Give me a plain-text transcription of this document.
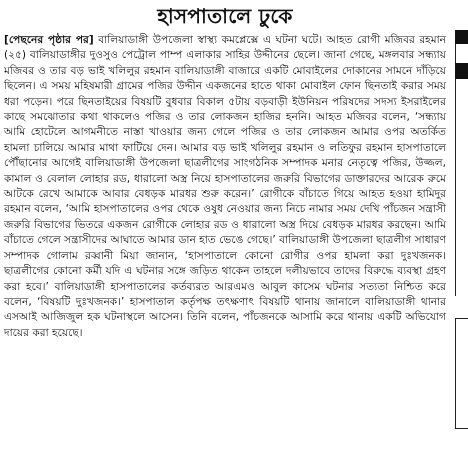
হাসপাতালে ঢুকে

[পেছনের পৃষ্ঠার পর] বালিয়াডাঙ্গী উপজেলা স্বাস্থ্য কমপ্লেক্সে এ ঘটনা ঘটে। আহত রোগী মজিবর রহমান (২৫) বালিয়াডাঙ্গীর দুওসুও পেট্রোল পাম্প এলাকার সাহির উদ্দীনের ছেলে। জানা গেছে, মঙ্গলবার সন্ধ্যায় মজিবর ও তার বড় ভাই খলিলুর রহমান বালিয়াডাঙ্গী বাজারে একটি মোবাইলের দোকানের সামনে দাঁড়িয়ে ছিলেন। এ সময় মহিষমারী গ্রামের পজির উদ্দীন একজনের হাতে থাকা মোবাইল ফোন ছিনতাই করার সময় ধরা পড়েন। পরে ছিনতাইয়ের বিষয়টি বুধবার বিকাল ৫টায় বড়বাড়ী ইউনিয়ন পরিষদের সদস্য ইসরাইলের কাছে সমঝোতার কথা থাকলেও পজির ও তার লোকজন হাজির হননি। আহত মজিবর বলেন, ‘সন্ধ্যায় আমি হোটেলে আগমনীতে নাস্তা খাওয়ার জন্য গেলে পজির ও তার লোকজন আমার ওপর অতর্কিত হামলা চালিয়ে আমার মাথা ফাটিয়ে দেন। আমার বড় ভাই খলিলুর রহমান ও লতিফুর রহমান হাসপাতালে পৌঁছানোর আগেই বালিয়াডাঙ্গী উপজেলা ছাত্রলীগের সাংগঠনিক সম্পাদক মনার নেতৃত্বে পজির, উজ্জল, কামাল ও বেলাল লোহার রড, ধারালো অস্ত্র নিয়ে হাসপাতালের জরুরি বিভাগের ডাক্তারদের আরেক রুমে আটকে রেখে আমাকে আবার বেধড়ক মারধর শুরু করেন।’ রোগীকে বাঁচাতে গিয়ে আহত হওয়া হামিদুর রহমান বলেন, ‘আমি হাসপাতালের ওপর থেকে ওষুধ নেওয়ার জন্য নিচে নামার সময় দেখি পাঁচজন সন্ত্রাসী জরুরি বিভাগের ভিতরে একজন রোগীকে লোহার রড ও ধারালো অস্ত্র দিয়ে বেধড়ক মারধর করছেন। আমি বাঁচাতে গেলে সন্ত্রাসীদের আঘাতে আমার ডান হাত ভেঙে গেছে।’ বালিয়াডাঙ্গী উপজেলা ছাত্রলীগ সাধারণ সম্পাদক গোলাম রব্বানী মিয়া জানান, ‘হাসপাতালে কোনো রোগীর ওপর হামলা করা দুঃখজনক। ছাত্রলীগের কোনো কর্মী যদি এ ঘটনার সঙ্গে জড়িত থাকেন তাহলে দলীয়ভাবে তাদের বিরুদ্ধে ব্যবস্থা গ্রহণ করা হবে।’ বালিয়াডাঙ্গী হাসপাতালের কর্তব্যরত আরএমও আবুল কাসেম ঘটনার সত্যতা নিশ্চিত করে বলেন, ‘বিষয়টি দুঃখজনক।’ হাসপাতাল কর্তৃপক্ষ তৎক্ষণাৎ বিষয়টি থানায় জানালে বালিয়াডাঙ্গী থানার এসআই আজিজুল হক ঘটনাস্থলে আসেন। তিনি বলেন, পাঁচজনকে আসামি করে থানায় একটি অভিযোগ দায়ের করা হয়েছে।
